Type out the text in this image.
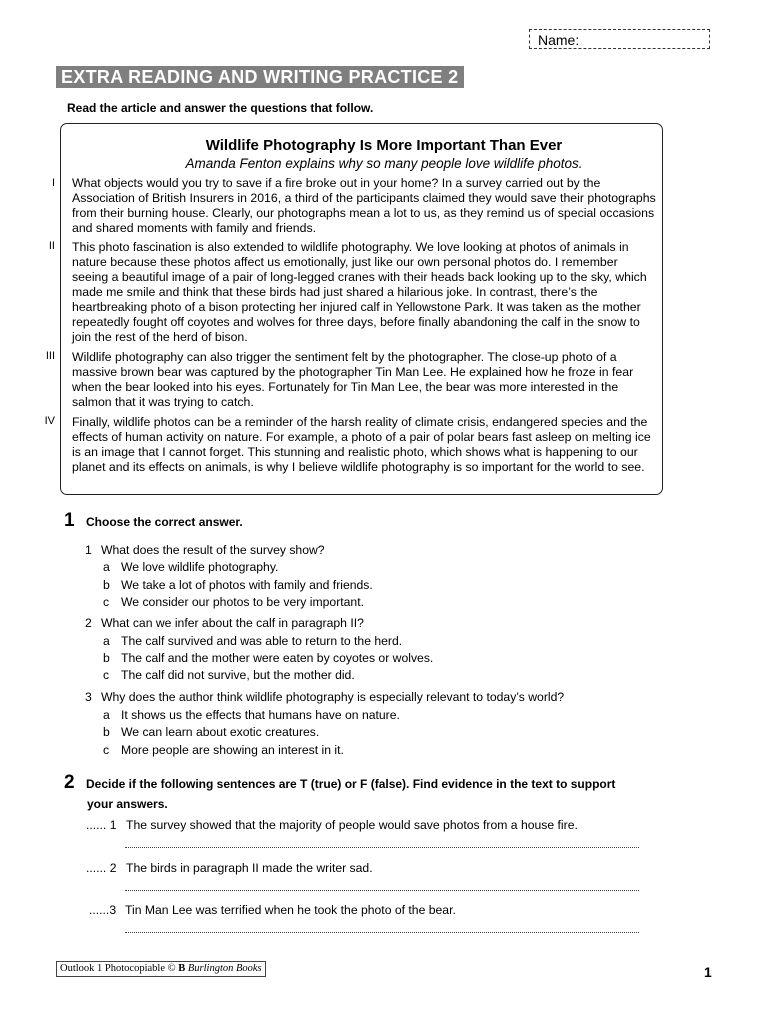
Name:
EXTRA READING AND WRITING PRACTICE 2
Read the article and answer the questions that follow.
Wildlife Photography Is More Important Than Ever
Amanda Fenton explains why so many people love wildlife photos.
I What objects would you try to save if a fire broke out in your home? In a survey carried out by the Association of British Insurers in 2016, a third of the participants claimed they would save their photographs from their burning house. Clearly, our photographs mean a lot to us, as they remind us of special occasions and shared moments with family and friends.
II This photo fascination is also extended to wildlife photography. We love looking at photos of animals in nature because these photos affect us emotionally, just like our own personal photos do. I remember seeing a beautiful image of a pair of long-legged cranes with their heads back looking up to the sky, which made me smile and think that these birds had just shared a hilarious joke. In contrast, there’s the heartbreaking photo of a bison protecting her injured calf in Yellowstone Park. It was taken as the mother repeatedly fought off coyotes and wolves for three days, before finally abandoning the calf in the snow to join the rest of the herd of bison.
III Wildlife photography can also trigger the sentiment felt by the photographer. The close-up photo of a massive brown bear was captured by the photographer Tin Man Lee. He explained how he froze in fear when the bear looked into his eyes. Fortunately for Tin Man Lee, the bear was more interested in the salmon that it was trying to catch.
IV Finally, wildlife photos can be a reminder of the harsh reality of climate crisis, endangered species and the effects of human activity on nature. For example, a photo of a pair of polar bears fast asleep on melting ice is an image that I cannot forget. This stunning and realistic photo, which shows what is happening to our planet and its effects on animals, is why I believe wildlife photography is so important for the world to see.
1 Choose the correct answer.
1 What does the result of the survey show?
a We love wildlife photography.
b We take a lot of photos with family and friends.
c We consider our photos to be very important.
2 What can we infer about the calf in paragraph II?
a The calf survived and was able to return to the herd.
b The calf and the mother were eaten by coyotes or wolves.
c The calf did not survive, but the mother did.
3 Why does the author think wildlife photography is especially relevant to today’s world?
a It shows us the effects that humans have on nature.
b We can learn about exotic creatures.
c More people are showing an interest in it.
2 Decide if the following sentences are T (true) or F (false). Find evidence in the text to support
your answers.
...... 1 The survey showed that the majority of people would save photos from a house fire.
...... 2 The birds in paragraph II made the writer sad.
......3 Tin Man Lee was terrified when he took the photo of the bear.
Outlook 1 Photocopiable © B Burlington Books	1
